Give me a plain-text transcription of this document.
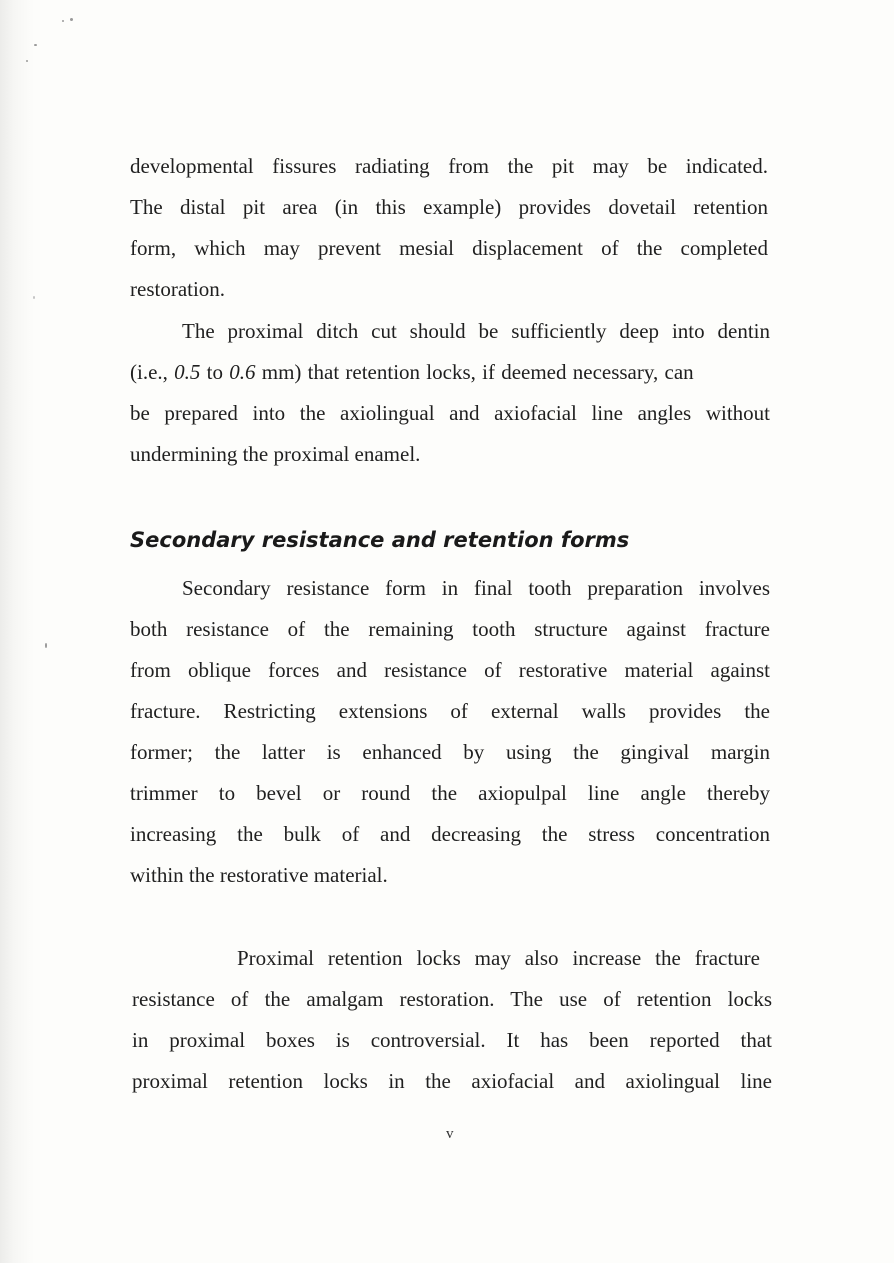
developmental fissures radiating from the pit may be indicated.

The distal pit area (in this example) provides dovetail retention

form, which may prevent mesial displacement of the completed

restoration.

The proximal ditch cut should be sufficiently deep into dentin

(i.e., 0.5 to 0.6 mm) that retention locks, if deemed necessary, can

be prepared into the axiolingual and axiofacial line angles without

undermining the proximal enamel.

Secondary resistance and retention forms

Secondary resistance form in final tooth preparation involves

both resistance of the remaining tooth structure against fracture

from oblique forces and resistance of restorative material against

fracture. Restricting extensions of external walls provides the

former; the latter is enhanced by using the gingival margin

trimmer to bevel or round the axiopulpal line angle thereby

increasing the bulk of and decreasing the stress concentration

within the restorative material.

Proximal retention locks may also increase the fracture

resistance of the amalgam restoration. The use of retention locks

in proximal boxes is controversial. It has been reported that

proximal retention locks in the axiofacial and axiolingual line

v
